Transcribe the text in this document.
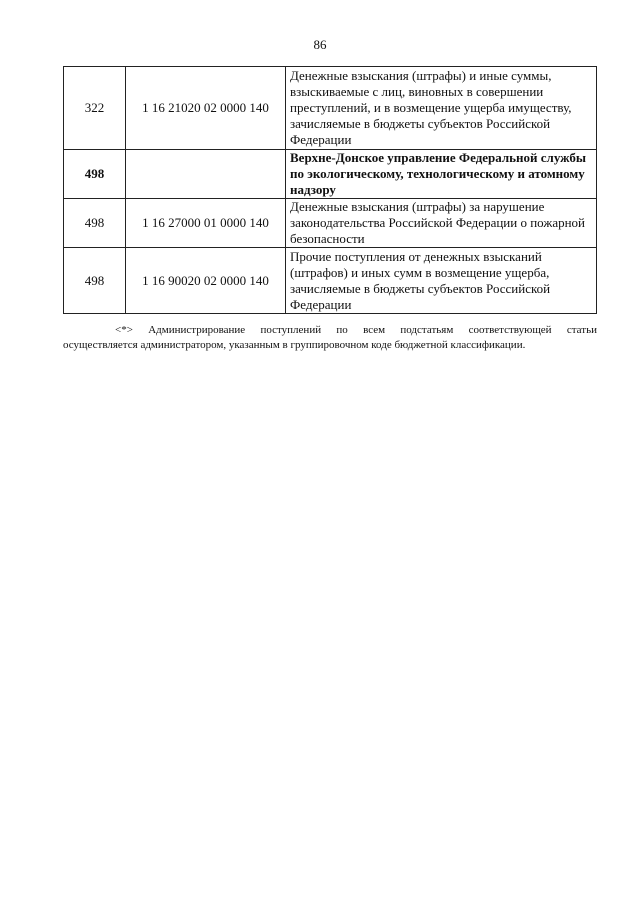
86
322	1 16 21020 02 0000 140	Денежные взыскания (штрафы) и иные суммы, взыскиваемые с лиц, виновных в совершении преступлений, и в возмещение ущерба имуществу, зачисляемые в бюджеты субъектов Российской Федерации
498		Верхне-Донское управление Федеральной службы по экологическому, технологическому и атомному надзору
498	1 16 27000 01 0000 140	Денежные взыскания (штрафы) за нарушение законодательства Российской Федерации о пожарной безопасности
498	1 16 90020 02 0000 140	Прочие поступления от денежных взысканий (штрафов) и иных сумм в возмещение ущерба, зачисляемые в бюджеты субъектов Российской Федерации
<*> Администрирование поступлений по всем подстатьям соответствующей статьи
осуществляется администратором, указанным в группировочном коде бюджетной классификации.
